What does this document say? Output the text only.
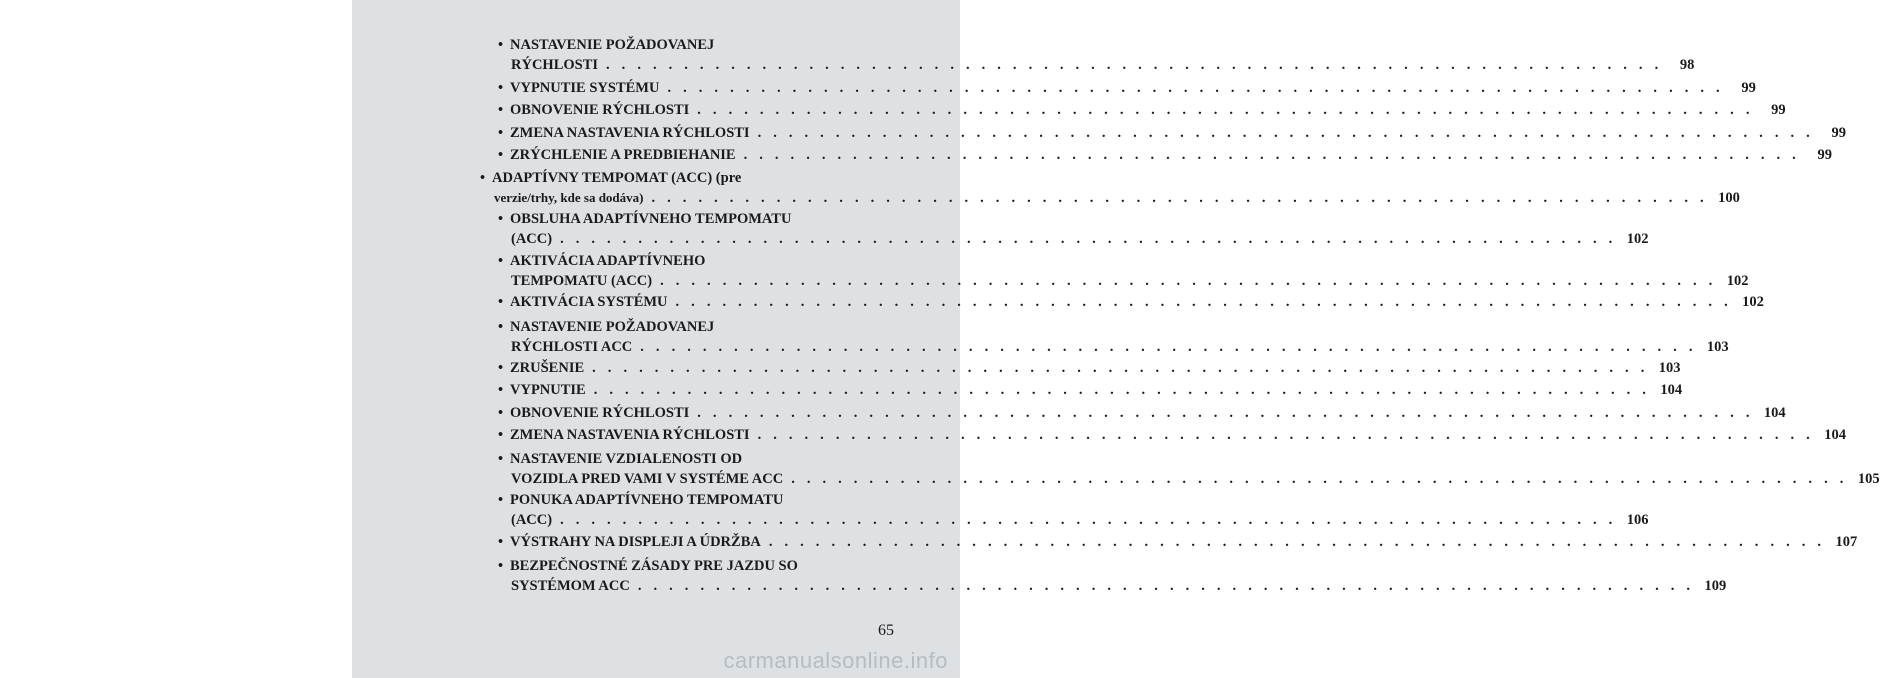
• NASTAVENIE POŽADOVANEJ
RÝCHLOSTI . . . . . . . . . . . . . . . . . . . . . . . . . . . . . . . . . . . . . . . . . . . . . . . . . . . . . . . . . . . . . . . . . . . .	98
• VYPNUTIE SYSTÉMU . . . . . . . . . . . . . . . . . . . . . . . . . . . . . . . . . . . . . . . . . . . . . . . . . . . . . . . . . . . . . . . . . . . .	99
• OBNOVENIE RÝCHLOSTI . . . . . . . . . . . . . . . . . . . . . . . . . . . . . . . . . . . . . . . . . . . . . . . . . . . . . . . . . . . . . . . . . . . .	99
• ZMENA NASTAVENIA RÝCHLOSTI . . . . . . . . . . . . . . . . . . . . . . . . . . . . . . . . . . . . . . . . . . . . . . . . . . . . . . . . . . . . . . . . . . . .	99
• ZRÝCHLENIE A PREDBIEHANIE . . . . . . . . . . . . . . . . . . . . . . . . . . . . . . . . . . . . . . . . . . . . . . . . . . . . . . . . . . . . . . . . . . . .	99
• ADAPTÍVNY TEMPOMAT (ACC) (pre
verzie/trhy, kde sa dodáva) . . . . . . . . . . . . . . . . . . . . . . . . . . . . . . . . . . . . . . . . . . . . . . . . . . . . . . . . . . . . . . . . . . . . 100
• OBSLUHA ADAPTÍVNEHO TEMPOMATU
(ACC) . . . . . . . . . . . . . . . . . . . . . . . . . . . . . . . . . . . . . . . . . . . . . . . . . . . . . . . . . . . . . . . . . . . . 102
• AKTIVÁCIA ADAPTÍVNEHO
TEMPOMATU (ACC) . . . . . . . . . . . . . . . . . . . . . . . . . . . . . . . . . . . . . . . . . . . . . . . . . . . . . . . . . . . . . . . . . . . . 102
• AKTIVÁCIA SYSTÉMU . . . . . . . . . . . . . . . . . . . . . . . . . . . . . . . . . . . . . . . . . . . . . . . . . . . . . . . . . . . . . . . . . . . . 102
• NASTAVENIE POŽADOVANEJ
RÝCHLOSTI ACC . . . . . . . . . . . . . . . . . . . . . . . . . . . . . . . . . . . . . . . . . . . . . . . . . . . . . . . . . . . . . . . . . . . . 103
• ZRUŠENIE . . . . . . . . . . . . . . . . . . . . . . . . . . . . . . . . . . . . . . . . . . . . . . . . . . . . . . . . . . . . . . . . . . . . 103
• VYPNUTIE . . . . . . . . . . . . . . . . . . . . . . . . . . . . . . . . . . . . . . . . . . . . . . . . . . . . . . . . . . . . . . . . . . . . 104
• OBNOVENIE RÝCHLOSTI . . . . . . . . . . . . . . . . . . . . . . . . . . . . . . . . . . . . . . . . . . . . . . . . . . . . . . . . . . . . . . . . . . . . 104
• ZMENA NASTAVENIA RÝCHLOSTI . . . . . . . . . . . . . . . . . . . . . . . . . . . . . . . . . . . . . . . . . . . . . . . . . . . . . . . . . . . . . . . . . . . . 104
• NASTAVENIE VZDIALENOSTI OD
VOZIDLA PRED VAMI V SYSTÉME ACC . . . . . . . . . . . . . . . . . . . . . . . . . . . . . . . . . . . . . . . . . . . . . . . . . . . . . . . . . . . . . . . . . . . . 105
• PONUKA ADAPTÍVNEHO TEMPOMATU
(ACC) . . . . . . . . . . . . . . . . . . . . . . . . . . . . . . . . . . . . . . . . . . . . . . . . . . . . . . . . . . . . . . . . . . . . 106
• VÝSTRAHY NA DISPLEJI A ÚDRŽBA . . . . . . . . . . . . . . . . . . . . . . . . . . . . . . . . . . . . . . . . . . . . . . . . . . . . . . . . . . . . . . . . . . . . 107
• BEZPEČNOSTNÉ ZÁSADY PRE JAZDU SO
SYSTÉMOM ACC . . . . . . . . . . . . . . . . . . . . . . . . . . . . . . . . . . . . . . . . . . . . . . . . . . . . . . . . . . . . . . . . . . . . 109
65
carmanualsonline.info
